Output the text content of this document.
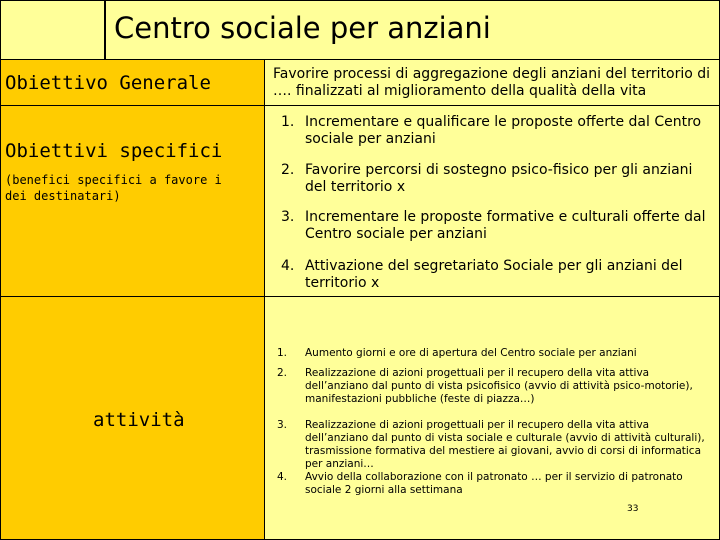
Centro sociale per anziani
Obiettivo Generale	Favorire processi di aggregazione degli anziani del territorio di …. finalizzati al miglioramento della qualità della vita
Obiettivi specifici
(benefici specifici a favore i dei destinatari)
1. Incrementare e qualificare le proposte offerte dal Centro sociale per anziani
2. Favorire percorsi di sostegno psico-fisico per gli anziani del territorio x
3. Incrementare le proposte formative e culturali offerte dal Centro sociale per anziani
4. Attivazione del segretariato Sociale per gli anziani del territorio x
attività
1. Aumento giorni e ore di apertura del Centro sociale per anziani
2. Realizzazione di azioni progettuali per il recupero della vita attiva dell’anziano dal punto di vista psicofisico (avvio di attività psico-motorie), manifestazioni pubbliche (feste di piazza…)
3. Realizzazione di azioni progettuali per il recupero della vita attiva dell’anziano dal punto di vista sociale e culturale (avvio di attività culturali), trasmissione formativa del mestiere ai giovani, avvio di corsi di informatica per anziani…
4. Avvio della collaborazione con il patronato … per il servizio di patronato sociale 2 giorni alla settimana
33
